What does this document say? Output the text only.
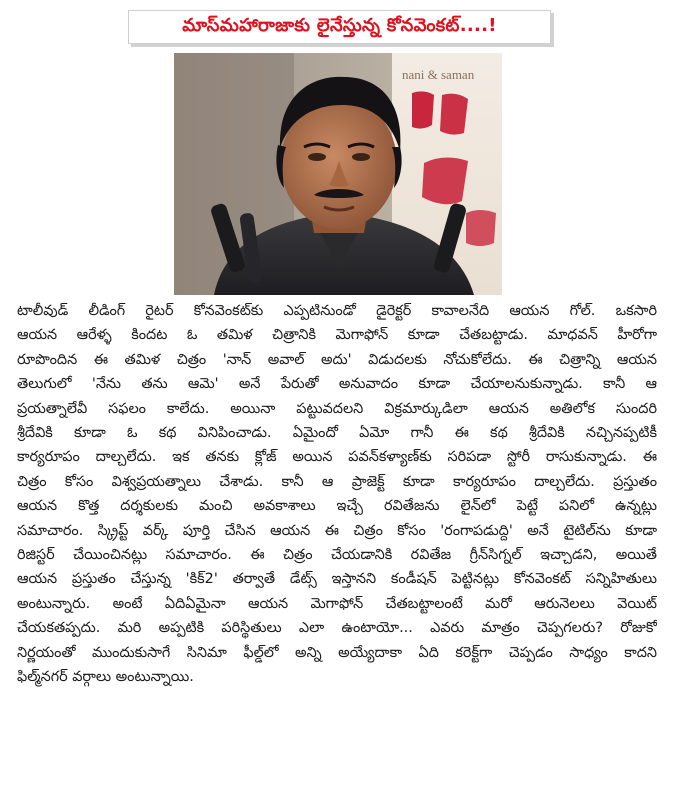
మాస్‌మహారాజాకు లైనేస్తున్న కోనవెంకట్....!
nani & saman
టాలీవుడ్ లీడింగ్ రైటర్ కోనవెంకట్‌కు ఎప్పటినుండో డైరెక్టర్ కావాలనేది ఆయన గోల్. ఒకసారి
ఆయన ఆరేళ్ళ కిందట ఓ తమిళ చిత్రానికి మెగాఫోన్ కూడా చేతబట్టాడు. మాధవన్ హీరోగా
రూపొందిన ఈ తమిళ చిత్రం 'నాన్ అవాల్ అదు' విడుదలకు నోచుకోలేదు. ఈ చిత్రాన్ని ఆయన
తెలుగులో 'నేను తను ఆమె' అనే పేరుతో అనువాదం కూడా చేయాలనుకున్నాడు. కానీ ఆ
ప్రయత్నాలేవీ సఫలం కాలేదు. అయినా పట్టువదలని విక్రమార్కుడిలా ఆయన అతిలోక సుందరి
శ్రీదేవికి కూడా ఓ కథ వినిపించాడు. ఏమైందో ఏమో గానీ ఈ కథ శ్రీదేవికి నచ్చినప్పటికీ
కార్యరూపం దాల్చలేదు. ఇక తనకు క్లోజ్ అయిన పవన్‌కళ్యాణ్‌కు సరిపడా స్టోరీ రాసుకున్నాడు. ఈ
చిత్రం కోసం విశ్వప్రయత్నాలు చేశాడు. కానీ ఆ ప్రాజెక్ట్ కూడా కార్యరూపం దాల్చలేదు. ప్రస్తుతం
ఆయన కొత్త దర్శకులకు మంచి అవకాశాలు ఇచ్చే రవితేజను లైన్‌లో పెట్టే పనిలో ఉన్నట్లు
సమాచారం. స్క్రిప్ట్ వర్క్ పూర్తి చేసిన ఆయన ఈ చిత్రం కోసం 'రంగాపడుద్ది' అనే టైటిల్‌ను కూడా
రిజిస్టర్ చేయించినట్లు సమాచారం. ఈ చిత్రం చేయడానికి రవితేజ గ్రీన్‌సిగ్నల్ ఇచ్చాడని, అయితే
ఆయన ప్రస్తుతం చేస్తున్న 'కిక్2' తర్వాతే డేట్స్ ఇస్తానని కండీషన్ పెట్టినట్లు కోనవెంకట్ సన్నిహితులు
అంటున్నారు. అంటే ఏదిఏమైనా ఆయన మెగాఫోన్ చేతబట్టాలంటే మరో ఆరునెలలు వెయిట్
చేయకతప్పదు. మరి అప్పటికి పరిస్థితులు ఎలా ఉంటాయో... ఎవరు మాత్రం చెప్పగలరు? రోజుకో
నిర్ణయంతో ముందుకుసాగే సినిమా ఫీల్డ్‌లో అన్ని అయ్యేదాకా ఏది కరెక్ట్‌గా చెప్పడం సాధ్యం కాదని
ఫిల్మ్‌నగర్ వర్గాలు అంటున్నాయి.
